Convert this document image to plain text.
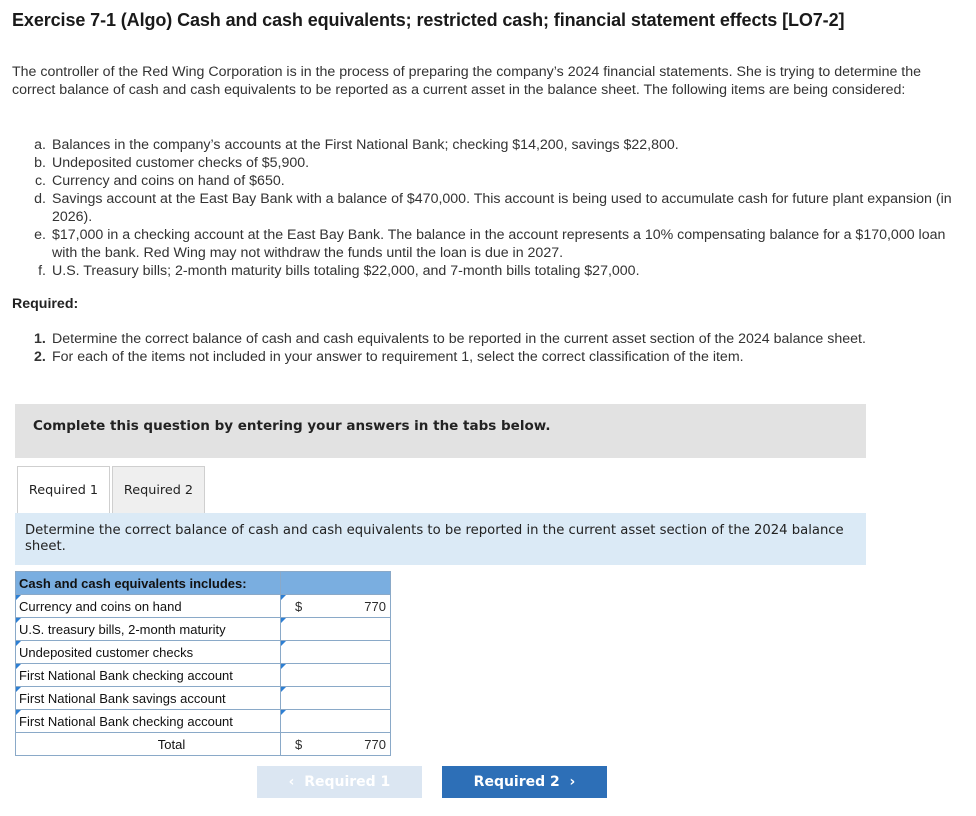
Exercise 7-1 (Algo) Cash and cash equivalents; restricted cash; financial statement effects [LO7-2]
The controller of the Red Wing Corporation is in the process of preparing the company’s 2024 financial statements. She is trying to determine the correct balance of cash and cash equivalents to be reported as a current asset in the balance sheet. The following items are being considered:
a. Balances in the company’s accounts at the First National Bank; checking $14,200, savings $22,800.
b. Undeposited customer checks of $5,900.
c. Currency and coins on hand of $650.
d. Savings account at the East Bay Bank with a balance of $470,000. This account is being used to accumulate cash for future plant expansion (in 2026).
e. $17,000 in a checking account at the East Bay Bank. The balance in the account represents a 10% compensating balance for a $170,000 loan with the bank. Red Wing may not withdraw the funds until the loan is due in 2027.
f. U.S. Treasury bills; 2-month maturity bills totaling $22,000, and 7-month bills totaling $27,000.
Required:
1. Determine the correct balance of cash and cash equivalents to be reported in the current asset section of the 2024 balance sheet.
2. For each of the items not included in your answer to requirement 1, select the correct classification of the item.
Complete this question by entering your answers in the tabs below.
Required 1	Required 2
Determine the correct balance of cash and cash equivalents to be reported in the current asset section of the 2024 balance sheet.
Cash and cash equivalents includes:	

Currency and coins on hand	$ 770

U.S. treasury bills, 2-month maturity	

Undeposited customer checks	

First National Bank checking account	

First National Bank savings account	

First National Bank checking account	

Total	$ 770
‹  Required 1	Required 2  ›
